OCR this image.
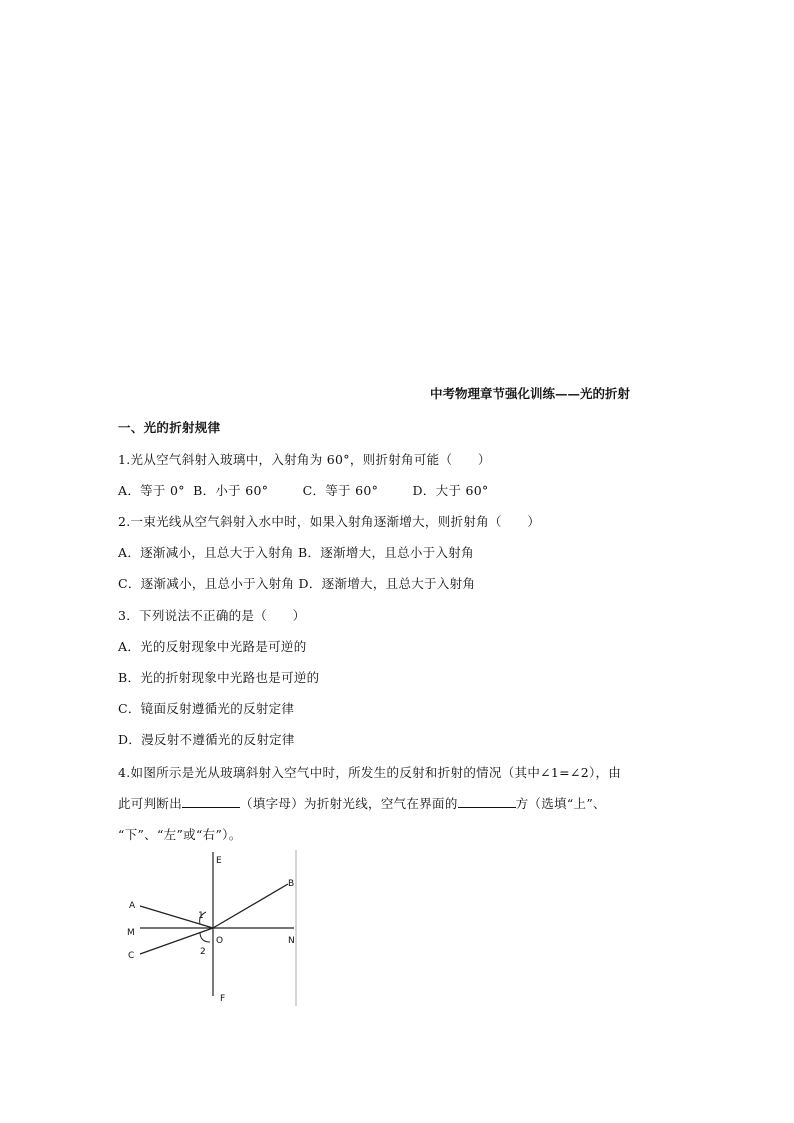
中考物理章节强化训练——光的折射
一、光的折射规律
1.光从空气斜射入玻璃中，入射角为 60°，则折射角可能（　　）
A．等于 0° B．小于 60°	C．等于 60°	D．大于 60°
2.一束光线从空气斜射入水中时，如果入射角逐渐增大，则折射角（　　）
A．逐渐减小，且总大于入射角 B．逐渐增大，且总小于入射角
C．逐渐减小，且总小于入射角 D．逐渐增大，且总大于入射角
3．下列说法不正确的是（　　）
A．光的反射现象中光路是可逆的
B．光的折射现象中光路也是可逆的
C．镜面反射遵循光的反射定律
D．漫反射不遵循光的反射定律
4.如图所示是光从玻璃斜射入空气中时，所发生的反射和折射的情况（其中∠1=∠2），由
此可判断出	（填字母）为折射光线，空气在界面的	方（选填“上”、
“下”、“左”或“右”）。
E
F
A
B
C
M
N
O
1
2
